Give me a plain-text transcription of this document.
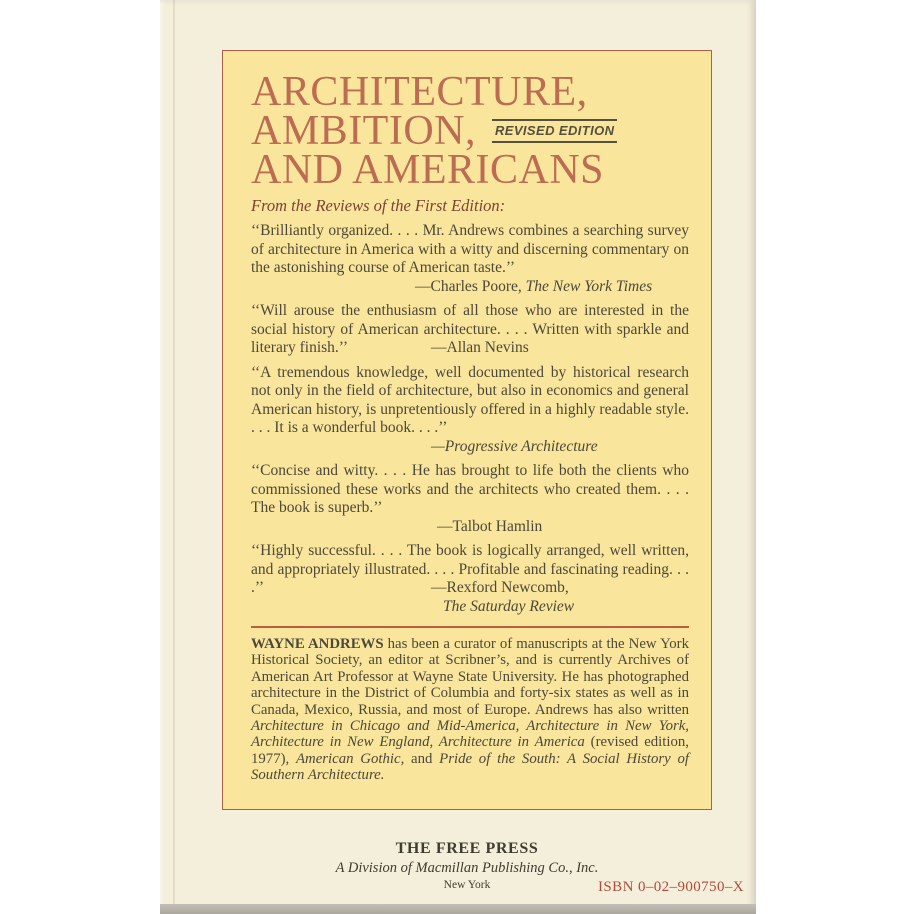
ARCHITECTURE,
AMBITION, REVISED EDITION
AND AMERICANS
From the Reviews of the First Edition:

‘‘Brilliantly organized. . . . Mr. Andrews combines a searching survey of architecture in America with a witty and discerning commentary on the astonishing course of American taste.’’

—Charles Poore, The New York Times

‘‘Will arouse the enthusiasm of all those who are interested in the social history of American architecture. . . . Written with sparkle and literary finish.’’	—Allan Nevins

‘‘A tremendous knowledge, well documented by historical research not only in the field of architecture, but also in economics and general American history, is unpretentiously offered in a highly readable style. . . . It is a wonderful book. . . .’’

—Progressive Architecture

‘‘Concise and witty. . . . He has brought to life both the clients who commissioned these works and the architects who created them. . . . The book is superb.’’

—Talbot Hamlin

‘‘Highly successful. . . . The book is logically arranged, well written, and appropriately illustrated. . . . Profitable and fascinating reading. . . .’’	—Rexford Newcomb,
The Saturday Review

WAYNE ANDREWS has been a curator of manuscripts at the New York Historical Society, an editor at Scribner’s, and is currently Archives of American Art Professor at Wayne State University. He has photographed architecture in the District of Columbia and forty-six states as well as in Canada, Mexico, Russia, and most of Europe. Andrews has also written Architecture in Chicago and Mid-America, Architecture in New York, Architecture in New England, Architecture in America (revised edition, 1977), American Gothic, and Pride of the South: A Social History of Southern Architecture.

THE FREE PRESS
A Division of Macmillan Publishing Co., Inc.
New York	ISBN 0–02–900750–X
